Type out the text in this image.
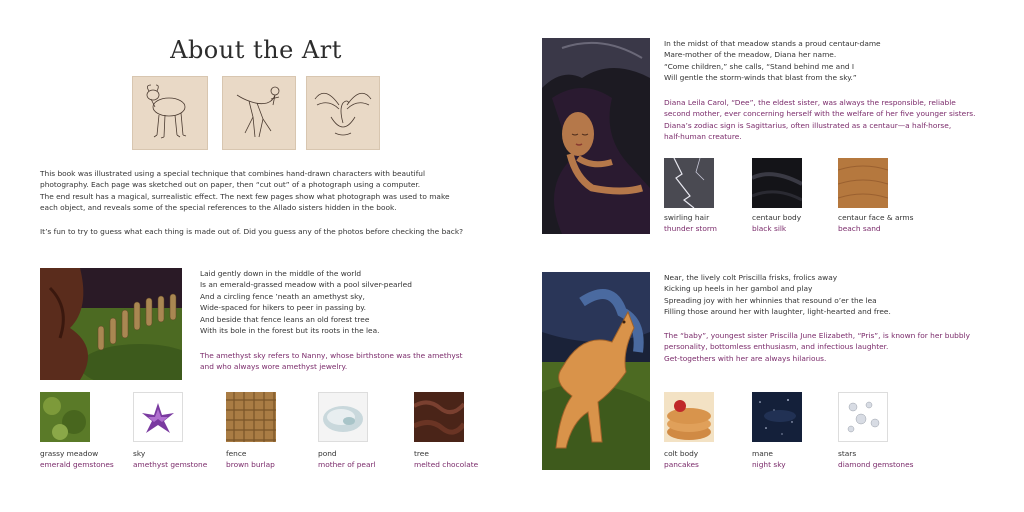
About the Art
This book was illustrated using a special technique that combines hand-drawn characters with beautiful
photography. Each page was sketched out on paper, then “cut out” of a photograph using a computer.
The end result has a magical, surrealistic effect. The next few pages show what photograph was used to make
each object, and reveals some of the special references to the Allado sisters hidden in the book.
It’s fun to try to guess what each thing is made out of. Did you guess any of the photos before checking the back?
Laid gently down in the middle of the world
Is an emerald-grassed meadow with a pool silver-pearled
And a circling fence ’neath an amethyst sky,
Wide-spaced for hikers to peer in passing by.
And beside that fence leans an old forest tree
With its bole in the forest but its roots in the lea.
The amethyst sky refers to Nanny, whose birthstone was the amethyst
and who always wore amethyst jewelry.
grassy meadow
emerald gemstones
sky
amethyst gemstone
fence
brown burlap
pond
mother of pearl
tree
melted chocolate
In the midst of that meadow stands a proud centaur-dame
Mare-mother of the meadow, Diana her name.
“Come children,” she calls, “Stand behind me and I
Will gentle the storm-winds that blast from the sky.”
Diana Leila Carol, “Dee”, the eldest sister, was always the responsible, reliable
second mother, ever concerning herself with the welfare of her five younger sisters.
Diana’s zodiac sign is Sagittarius, often illustrated as a centaur—a half-horse,
half-human creature.
swirling hair
thunder storm
centaur body
black silk
centaur face & arms
beach sand
Near, the lively colt Priscilla frisks, frolics away
Kicking up heels in her gambol and play
Spreading joy with her whinnies that resound o’er the lea
Filling those around her with laughter, light-hearted and free.
The “baby”, youngest sister Priscilla June Elizabeth, “Pris”, is known for her bubbly
personality, bottomless enthusiasm, and infectious laughter.
Get-togethers with her are always hilarious.
colt body
pancakes
mane
night sky
stars
diamond gemstones
